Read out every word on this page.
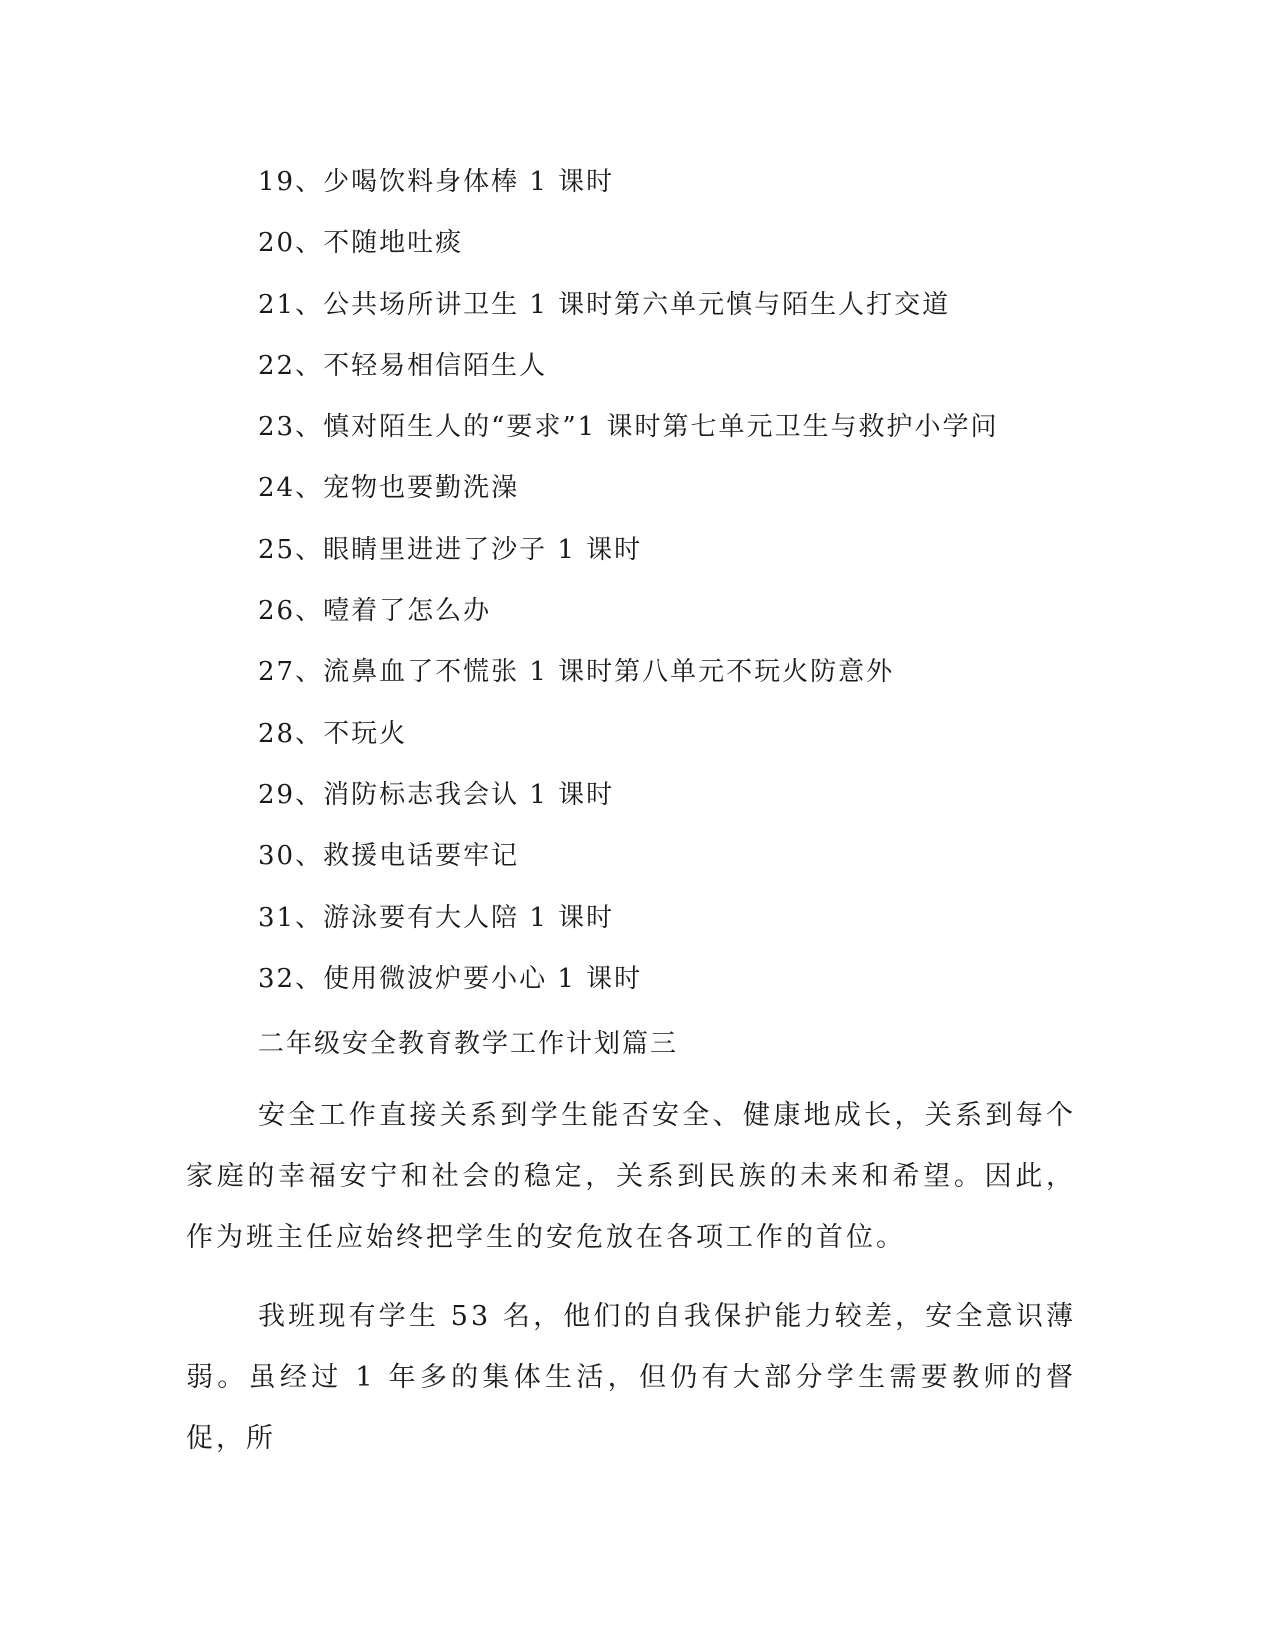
19、少喝饮料身体棒 1 课时
20、不随地吐痰
21、公共场所讲卫生 1 课时第六单元慎与陌生人打交道
22、不轻易相信陌生人
23、慎对陌生人的“要求”1 课时第七单元卫生与救护小学问
24、宠物也要勤洗澡
25、眼睛里进进了沙子 1 课时
26、噎着了怎么办
27、流鼻血了不慌张 1 课时第八单元不玩火防意外
28、不玩火
29、消防标志我会认 1 课时
30、救援电话要牢记
31、游泳要有大人陪 1 课时
32、使用微波炉要小心 1 课时
二年级安全教育教学工作计划篇三

安全工作直接关系到学生能否安全、健康地成长，关系到每个家庭的幸福安宁和社会的稳定，关系到民族的未来和希望。因此，作为班主任应始终把学生的安危放在各项工作的首位。

我班现有学生 53 名，他们的自我保护能力较差，安全意识薄弱。虽经过 1 年多的集体生活，但仍有大部分学生需要教师的督促，所
